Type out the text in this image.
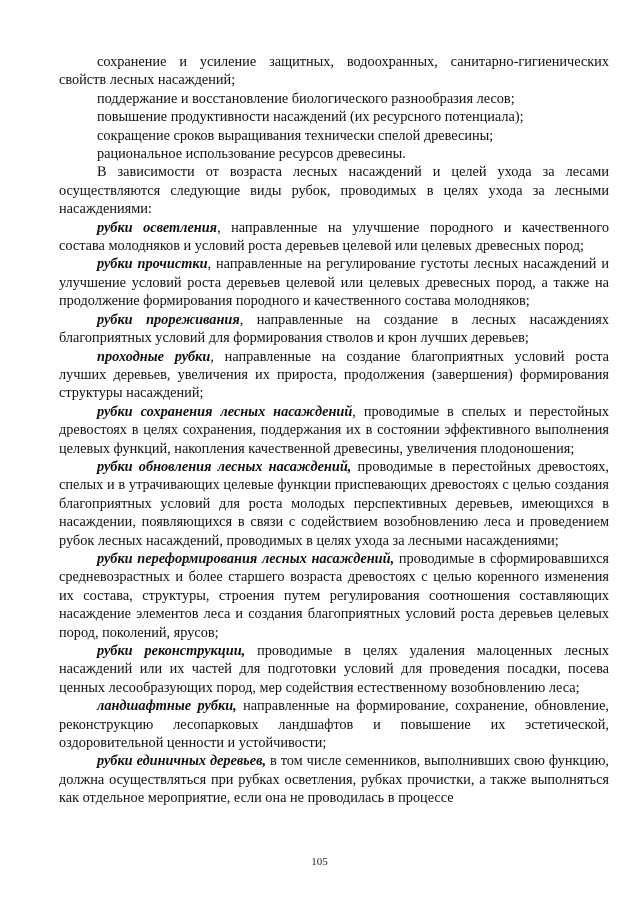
сохранение и усиление защитных, водоохранных, санитарно-гигиенических свойств лесных насаждений;

поддержание и восстановление биологического разнообразия лесов;

повышение продуктивности насаждений (их ресурсного потенциала);

сокращение сроков выращивания технически спелой древесины;

рациональное использование ресурсов древесины.

В зависимости от возраста лесных насаждений и целей ухода за лесами осуществляются следующие виды рубок, проводимых в целях ухода за лесными насаждениями:

рубки осветления, направленные на улучшение породного и качественного состава молодняков и условий роста деревьев целевой или целевых древесных пород;

рубки прочистки, направленные на регулирование густоты лесных насаждений и улучшение условий роста деревьев целевой или целевых древесных пород, а также на продолжение формирования породного и качественного состава молодняков;

рубки прореживания, направленные на создание в лесных насаждениях благоприятных условий для формирования стволов и крон лучших деревьев;

проходные рубки, направленные на создание благоприятных условий роста лучших деревьев, увеличения их прироста, продолжения (завершения) формирования структуры насаждений;

рубки сохранения лесных насаждений, проводимые в спелых и перестойных древостоях в целях сохранения, поддержания их в состоянии эффективного выполнения целевых функций, накопления качественной древесины, увеличения плодоношения;

рубки обновления лесных насаждений, проводимые в перестойных древостоях, спелых и в утрачивающих целевые функции приспевающих древостоях с целью создания благоприятных условий для роста молодых перспективных деревьев, имеющихся в насаждении, появляющихся в связи с содействием возобновлению леса и проведением рубок лесных насаждений, проводимых в целях ухода за лесными насаждениями;

рубки переформирования лесных насаждений, проводимые в сформировавшихся средневозрастных и более старшего возраста древостоях с целью коренного изменения их состава, структуры, строения путем регулирования соотношения составляющих насаждение элементов леса и создания благоприятных условий роста деревьев целевых пород, поколений, ярусов;

рубки реконструкции, проводимые в целях удаления малоценных лесных насаждений или их частей для подготовки условий для проведения посадки, посева ценных лесообразующих пород, мер содействия естественному возобновлению леса;

ландшафтные рубки, направленные на формирование, сохранение, обновление, реконструкцию лесопарковых ландшафтов и повышение их эстетической, оздоровительной ценности и устойчивости;

рубки единичных деревьев, в том числе семенников, выполнивших свою функцию, должна осуществляться при рубках осветления, рубках прочистки, а также выполняться как отдельное мероприятие, если она не проводилась в процессе

105
